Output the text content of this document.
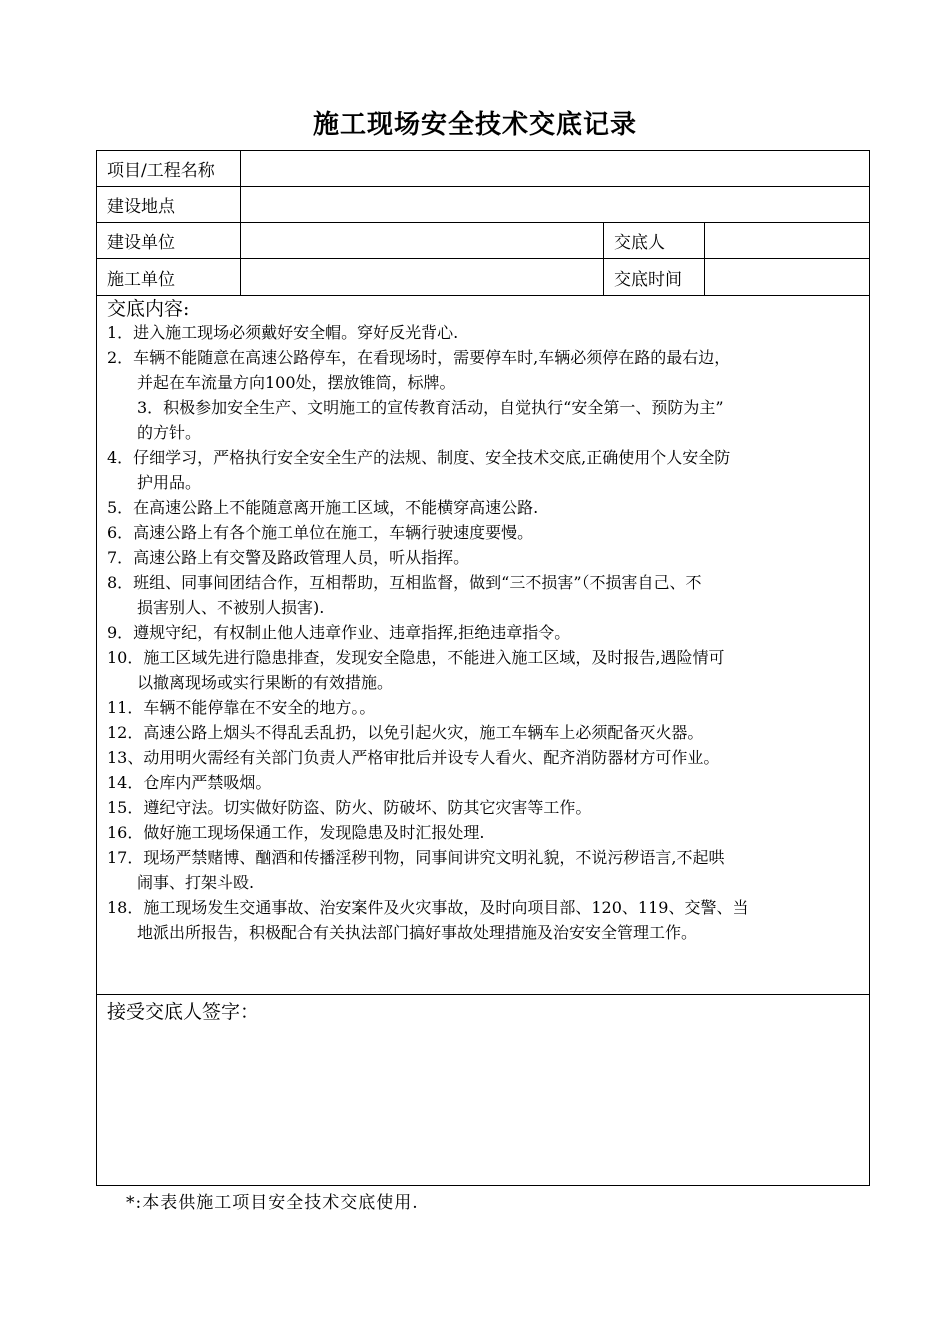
施工现场安全技术交底记录
项目/工程名称
建设地点
建设单位	交底人
施工单位	交底时间
交底内容:
1．进入施工现场必须戴好安全帽。穿好反光背心.
2．车辆不能随意在高速公路停车，在看现场时，需要停车时,车辆必须停在路的最右边，
并起在车流量方向100处，摆放锥筒，标牌。
3．积极参加安全生产、文明施工的宣传教育活动，自觉执行“安全第一、预防为主”
的方针。
4．仔细学习，严格执行安全安全生产的法规、制度、安全技术交底,正确使用个人安全防
护用品。
5．在高速公路上不能随意离开施工区域，不能横穿高速公路.
6．高速公路上有各个施工单位在施工，车辆行驶速度要慢。
7．高速公路上有交警及路政管理人员，听从指挥。
8．班组、同事间团结合作，互相帮助，互相监督，做到“三不损害”（不损害自己、不
损害别人、不被别人损害).
9．遵规守纪，有权制止他人违章作业、违章指挥,拒绝违章指令。
10．施工区域先进行隐患排查，发现安全隐患，不能进入施工区域，及时报告,遇险情可
以撤离现场或实行果断的有效措施。
11．车辆不能停靠在不安全的地方。。
12．高速公路上烟头不得乱丢乱扔，以免引起火灾，施工车辆车上必须配备灭火器。
13、动用明火需经有关部门负责人严格审批后并设专人看火、配齐消防器材方可作业。
14．仓库内严禁吸烟。
15．遵纪守法。切实做好防盗、防火、防破坏、防其它灾害等工作。
16．做好施工现场保通工作，发现隐患及时汇报处理.
17．现场严禁赌博、酗酒和传播淫秽刊物，同事间讲究文明礼貌，不说污秽语言,不起哄
闹事、打架斗殴.
18．施工现场发生交通事故、治安案件及火灾事故，及时向项目部、120、119、交警、当
地派出所报告，积极配合有关执法部门搞好事故处理措施及治安安全管理工作。
接受交底人签字：
*:本表供施工项目安全技术交底使用.
